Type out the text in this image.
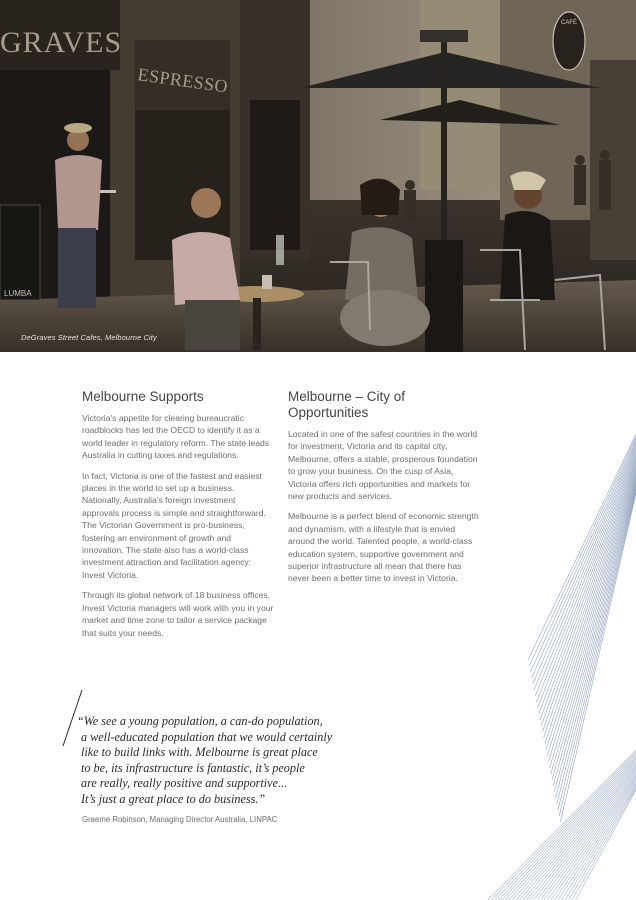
CAFÉ
LUMBA
GRAVES
ESPRESSO
DeGraves Street Cafes, Melbourne City
Melbourne Supports

Victoria's appetite for clearing bureaucratic roadblocks has led the OECD to identify it as a world leader in regulatory reform. The state leads Australia in cutting taxes and regulations.

In fact, Victoria is one of the fastest and easiest places in the world to set up a business. Nationally, Australia's foreign investment approvals process is simple and straightforward. The Victorian Government is pro-business, fostering an environment of growth and innovation. The state also has a world-class investment attraction and facilitation agency: Invest Victoria.

Through its global network of 18 business offices, Invest Victoria managers will work with you in your market and time zone to tailor a service package that suits your needs.

Melbourne – City of Opportunities

Located in one of the safest countries in the world for investment, Victoria and its capital city, Melbourne, offers a stable, prosperous foundation to grow your business. On the cusp of Asia, Victoria offers rich opportunities and markets for new products and services.

Melbourne is a perfect blend of economic strength and dynamism, with a lifestyle that is envied around the world. Talented people, a world-class education system, supportive government and superior infrastructure all mean that there has never been a better time to invest in Victoria.

“We see a young population, a can-do population,
a well-educated population that we would certainly
like to build links with. Melbourne is great place
to be, its infrastructure is fantastic, it’s people
are really, really positive and supportive...
It’s just a great place to do business.”
Graeme Robinson, Managing Director Australia, LINPAC
